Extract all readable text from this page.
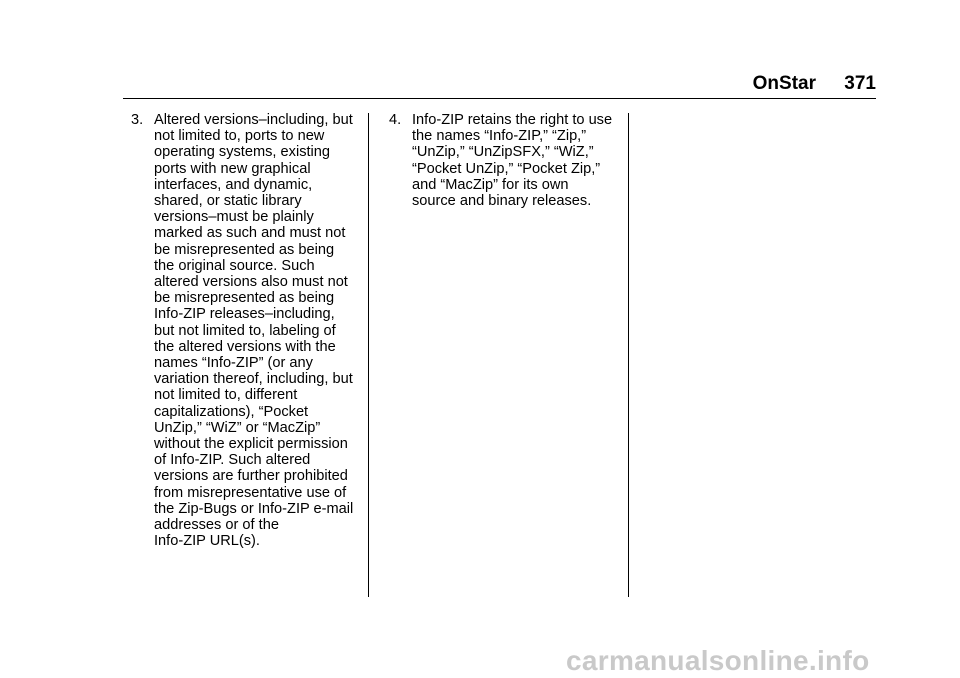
OnStar 371
3. Altered versions–including, but
not limited to, ports to new
operating systems, existing
ports with new graphical
interfaces, and dynamic,
shared, or static library
versions–must be plainly
marked as such and must not
be misrepresented as being
the original source. Such
altered versions also must not
be misrepresented as being
Info-ZIP releases–including,
but not limited to, labeling of
the altered versions with the
names “Info-ZIP” (or any
variation thereof, including, but
not limited to, different
capitalizations), “Pocket
UnZip,” “WiZ” or “MacZip”
without the explicit permission
of Info-ZIP. Such altered
versions are further prohibited
from misrepresentative use of
the Zip-Bugs or Info-ZIP e-mail
addresses or of the
Info-ZIP URL(s).
4. Info-ZIP retains the right to use
the names “Info-ZIP,” “Zip,”
“UnZip,” “UnZipSFX,” “WiZ,”
“Pocket UnZip,” “Pocket Zip,”
and “MacZip” for its own
source and binary releases.
carmanualsonline.info
